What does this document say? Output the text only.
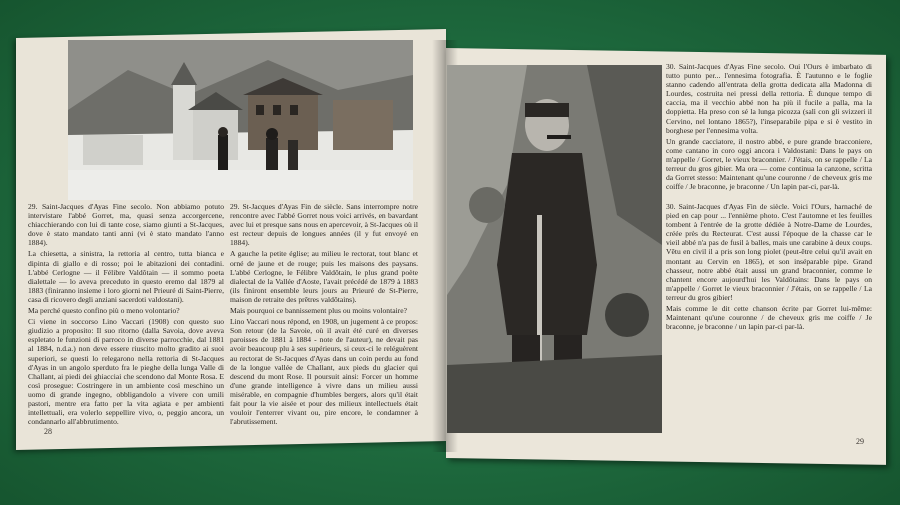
29. Saint-Jacques d'Ayas Fine secolo. Non abbiamo potuto intervistare l'abbé Gorret, ma, quasi senza accorgercene, chiacchierando con lui di tante cose, siamo giunti a St-Jacques, dove è stato mandato tanti anni (vi è stato mandato l'anno 1884).

La chiesetta, a sinistra, la rettoria al centro, tutta bianca e dipinta di giallo e di rosso; poi le abitazioni dei contadini. L'abbé Cerlogne — il Félibre Valdôtain — il sommo poeta dialettale — lo aveva preceduto in questo eremo dal 1879 al 1883 (finiranno insieme i loro giorni nel Prieuré di Saint-Pierre, casa di ricovero degli anziani sacerdoti valdostani).

Ma perché questo confino più o meno volontario?

Ci viene in soccorso Lino Vaccari (1908) con questo suo giudizio a proposito: Il suo ritorno (dalla Savoia, dove aveva espletato le funzioni di parroco in diverse parrocchie, dal 1881 al 1884, n.d.a.) non deve essere riuscito molto gradito ai suoi superiori, se questi lo relegarono nella rettoria di St-Jacques d'Ayas in un angolo sperduto fra le pieghe della lunga Valle di Challant, ai piedi dei ghiacciai che scendono dal Monte Rosa. E così prosegue: Costringere in un ambiente così meschino un uomo di grande ingegno, obbligandolo a vivere con umili pastori, mentre era fatto per la vita agiata e per ambienti intellettuali, era volerlo seppellire vivo, o, peggio ancora, un condannarlo all'abbrutimento.

29. St-Jacques d'Ayas Fin de siècle. Sans interrompre notre rencontre avec l'abbé Gorret nous voici arrivés, en bavardant avec lui et presque sans nous en apercevoir, à St-Jacques où il est recteur depuis de longues années (il y fut envoyé en 1884).

A gauche la petite église; au milieu le rectorat, tout blanc et orné de jaune et de rouge; puis les maisons des paysans. L'abbé Cerlogne, le Félibre Valdôtain, le plus grand poète dialectal de la Vallée d'Aoste, l'avait précédé de 1879 à 1883 (ils finiront ensemble leurs jours au Prieuré de St-Pierre, maison de retraite des prêtres valdôtains).

Mais pourquoi ce bannissement plus ou moins volontaire?

Lino Vaccari nous répond, en 1908, un jugement à ce propos: Son retour (de la Savoie, où il avait été curé en diverses paroisses de 1881 à 1884 - note de l'auteur), ne devait pas avoir beaucoup plu à ses supérieurs, si ceux-ci le reléguèrent au rectorat de St-Jacques d'Ayas dans un coin perdu au fond de la longue vallée de Challant, aux pieds du glacier qui descend du mont Rose. Il poursuit ainsi: Forcer un homme d'une grande intelligence à vivre dans un milieu aussi misérable, en compagnie d'humbles bergers, alors qu'il était fait pour la vie aisée et pour des milieux intellectuels était vouloir l'enterrer vivant ou, pire encore, le condamner à l'abrutissement.

28

30. Saint-Jacques d'Ayas Fine secolo. Oui l'Ours è imbarbato di tutto punto per... l'ennesima fotografia. È l'autunno e le foglie stanno cadendo all'entrata della grotta dedicata alla Madonna di Lourdes, costruita nei pressi della rettoria. È dunque tempo di caccia, ma il vecchio abbé non ha più il fucile a palla, ma la doppietta. Ha preso con sé la lunga picozza (salì con gli svizzeri il Cervino, nel lontano 1865?), l'inseparabile pipa e si è vestito in borghese per l'ennesima volta.

Un grande cacciatore, il nostro abbé, e pure grande bracconiere, come cantano in coro oggi ancora i Valdostani: Dans le pays on m'appelle / Gorret, le vieux braconnier. / J'étais, on se rappelle / La terreur du gros gibier. Ma ora — come continua la canzone, scritta da Gorret stesso: Maintenant qu'une couronne / de cheveux gris me coiffe / Je braconne, je braconne / Un lapin par-ci, par-là.

30. Saint-Jacques d'Ayas Fin de siècle. Voici l'Ours, harnaché de pied en cap pour ... l'ennième photo. C'est l'automne et les feuilles tombent à l'entrée de la grotte dédiée à Notre-Dame de Lourdes, créée près du Recteurat. C'est aussi l'époque de la chasse car le vieil abbé n'a pas de fusil à balles, mais une carabine à deux coups. Vêtu en civil il a pris son long piolet (peut-être celui qu'il avait en montant au Cervin en 1865), et son inséparable pipe. Grand chasseur, notre abbé était aussi un grand braconnier, comme le chantent encore aujourd'hui les Valdôtains: Dans le pays on m'appelle / Gorret le vieux braconnier / J'étais, on se rappelle / La terreur du gros gibier!

Mais comme le dit cette chanson écrite par Gorret lui-même: Maintenant qu'une couronne / de cheveux gris me coiffe / Je braconne, je braconne / un lapin par-ci par-là.

29
